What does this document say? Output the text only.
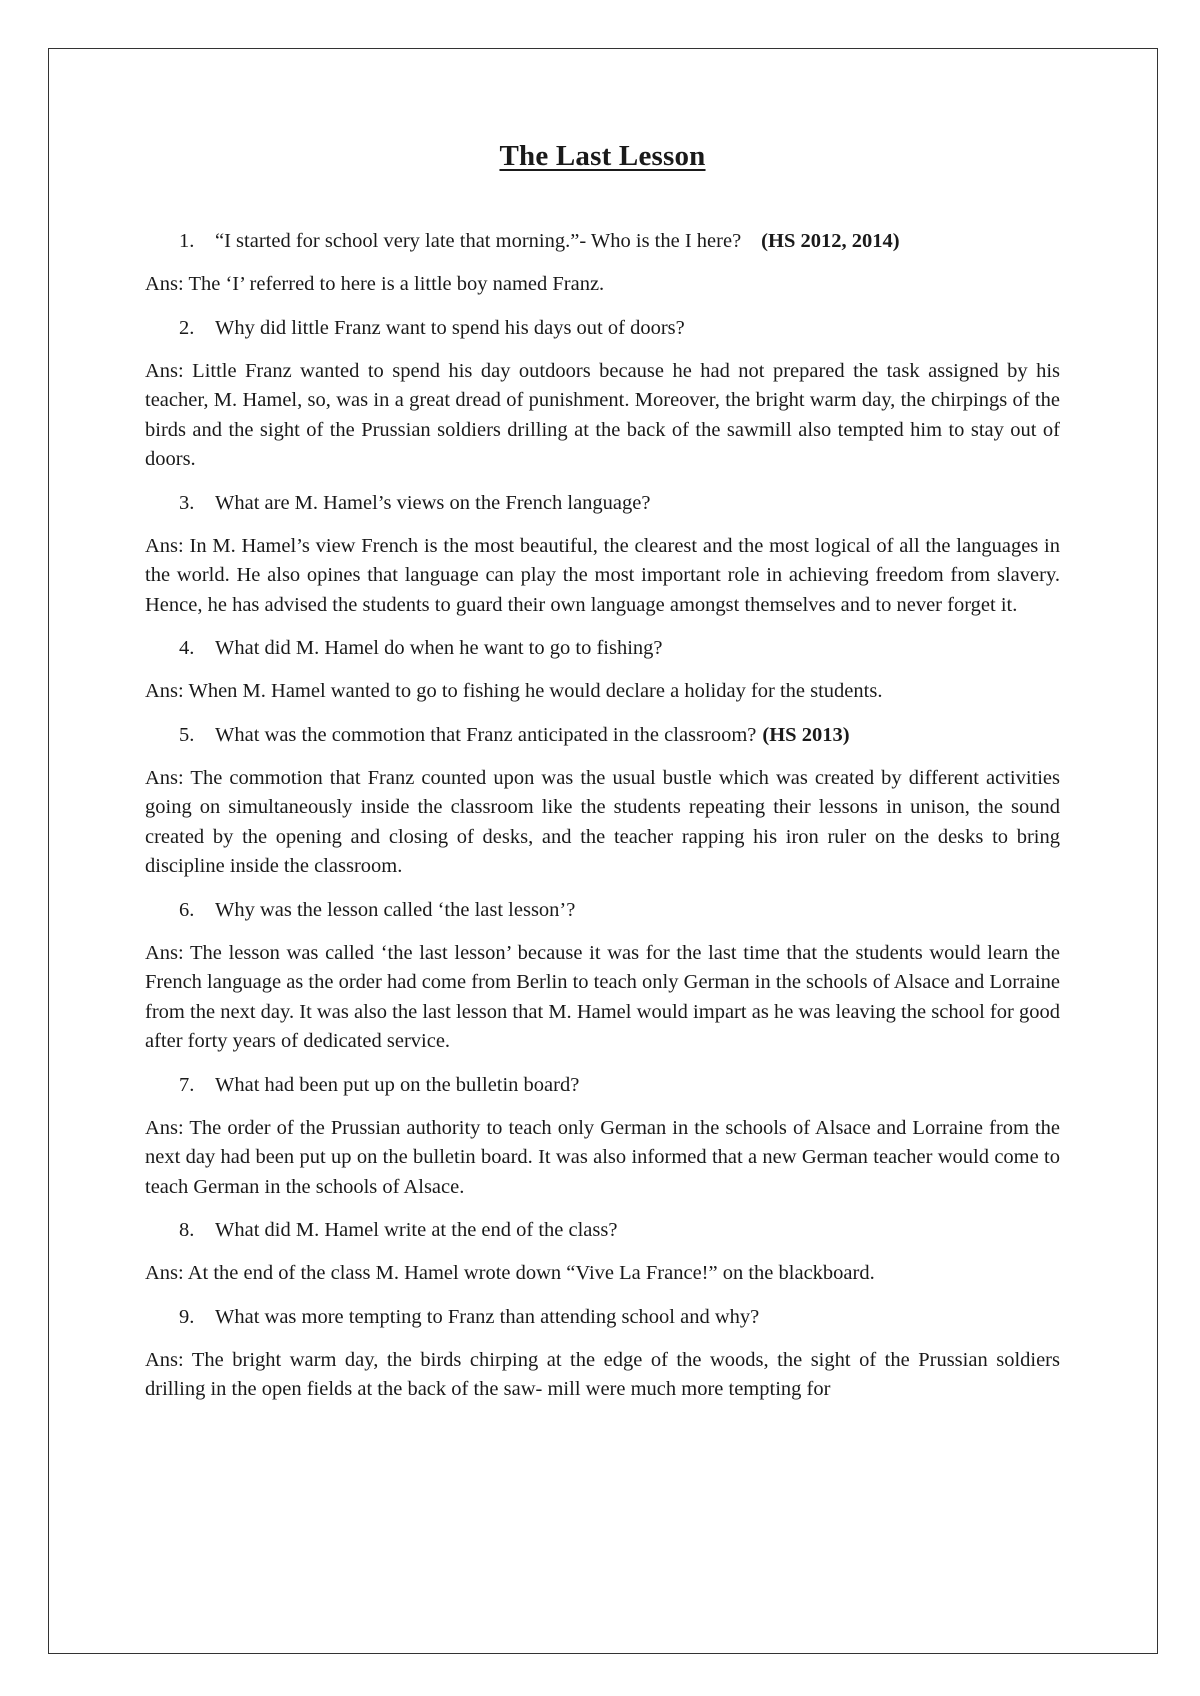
The Last Lesson
1.	“I started for school very late that morning.”- Who is the I here? (HS 2012, 2014)

Ans: The ‘I’ referred to here is a little boy named Franz.

2.	Why did little Franz want to spend his days out of doors?

Ans: Little Franz wanted to spend his day outdoors because he had not prepared the task assigned by his teacher, M. Hamel, so, was in a great dread of punishment. Moreover, the bright warm day, the chirpings of the birds and the sight of the Prussian soldiers drilling at the back of the sawmill also tempted him to stay out of doors.

3.	What are M. Hamel’s views on the French language?

Ans: In M. Hamel’s view French is the most beautiful, the clearest and the most logical of all the languages in the world. He also opines that language can play the most important role in achieving freedom from slavery. Hence, he has advised the students to guard their own language amongst themselves and to never forget it.

4.	What did M. Hamel do when he want to go to fishing?

Ans: When M. Hamel wanted to go to fishing he would declare a holiday for the students.

5.	What was the commotion that Franz anticipated in the classroom? (HS 2013)

Ans: The commotion that Franz counted upon was the usual bustle which was created by different activities going on simultaneously inside the classroom like the students repeating their lessons in unison, the sound created by the opening and closing of desks, and the teacher rapping his iron ruler on the desks to bring discipline inside the classroom.

6.	Why was the lesson called ‘the last lesson’?

Ans: The lesson was called ‘the last lesson’ because it was for the last time that the students would learn the French language as the order had come from Berlin to teach only German in the schools of Alsace and Lorraine from the next day. It was also the last lesson that M. Hamel would impart as he was leaving the school for good after forty years of dedicated service.

7.	What had been put up on the bulletin board?

Ans: The order of the Prussian authority to teach only German in the schools of Alsace and Lorraine from the next day had been put up on the bulletin board. It was also informed that a new German teacher would come to teach German in the schools of Alsace.

8.	What did M. Hamel write at the end of the class?

Ans: At the end of the class M. Hamel wrote down “Vive La France!” on the blackboard.

9.	What was more tempting to Franz than attending school and why?

Ans: The bright warm day, the birds chirping at the edge of the woods, the sight of the Prussian soldiers drilling in the open fields at the back of the saw- mill were much more tempting for
